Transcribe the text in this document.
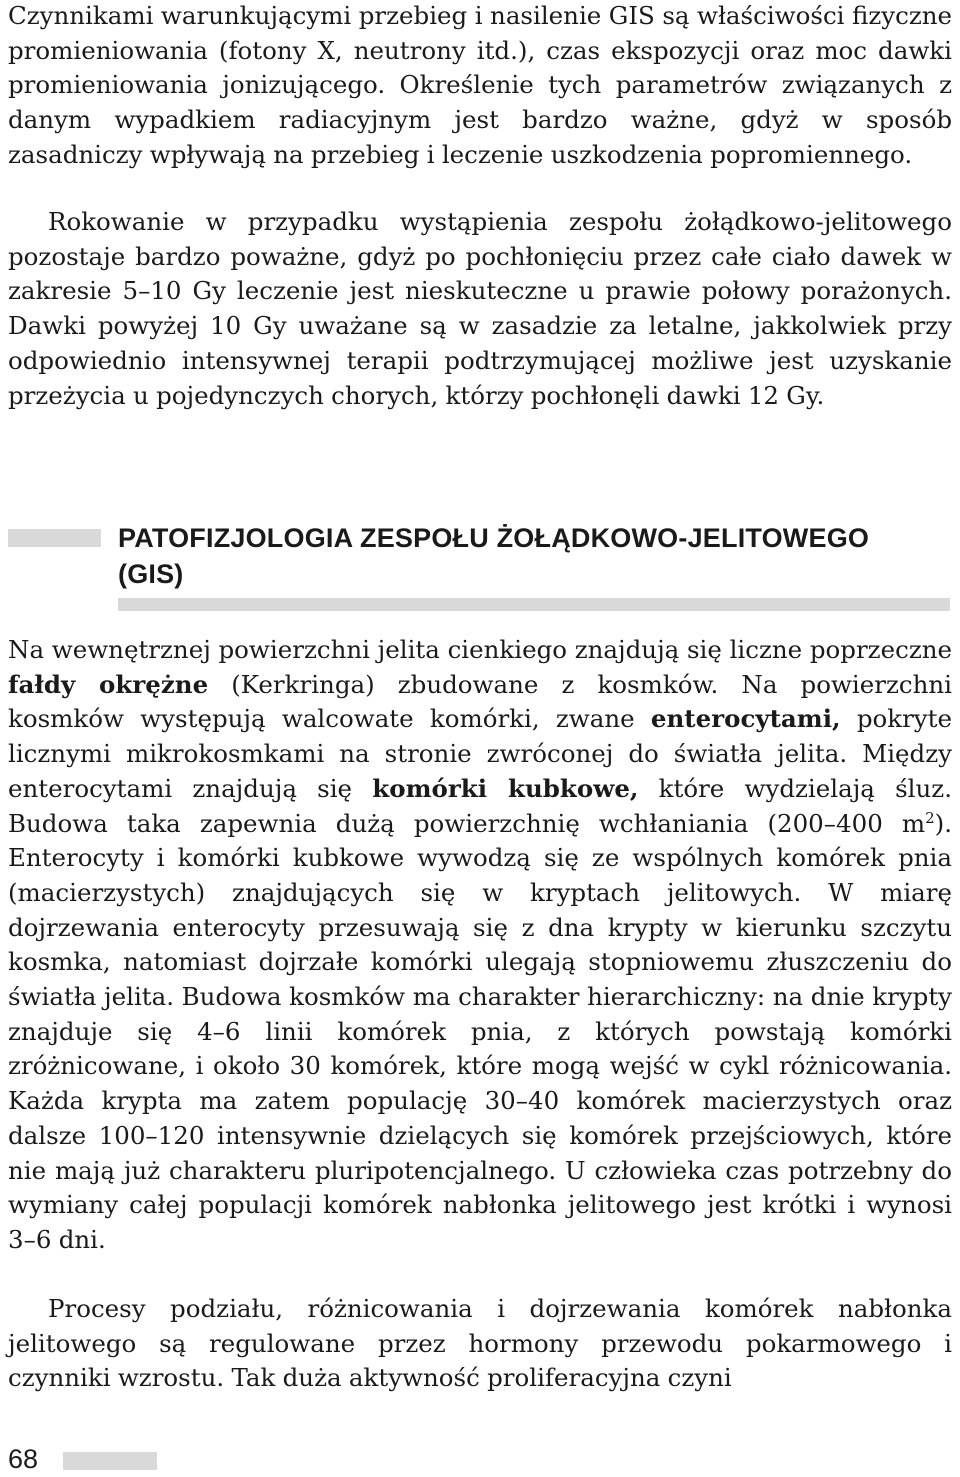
Czynnikami warunkującymi przebieg i nasilenie GIS są właściwości fizyczne promieniowania (fotony X, neutrony itd.), czas ekspozycji oraz moc dawki promieniowania jonizującego. Określenie tych parametrów związanych z danym wypadkiem radiacyjnym jest bardzo ważne, gdyż w sposób zasadniczy wpływają na przebieg i leczenie uszkodzenia popromiennego.

Rokowanie w przypadku wystąpienia zespołu żołądkowo-jelitowego pozostaje bardzo poważne, gdyż po pochłonięciu przez całe ciało dawek w zakresie 5–10 Gy leczenie jest nieskuteczne u prawie połowy porażonych. Dawki powyżej 10 Gy uważane są w zasadzie za letalne, jakkolwiek przy odpowiednio intensywnej terapii podtrzymującej możliwe jest uzyskanie przeżycia u pojedynczych chorych, którzy pochłonęli dawki 12 Gy.

PATOFIZJOLOGIA ZESPOŁU ŻOŁĄDKOWO-JELITOWEGO
(GIS)

Na wewnętrznej powierzchni jelita cienkiego znajdują się liczne poprzeczne fałdy okrężne (Kerkringa) zbudowane z kosmków. Na powierzchni kosmków występują walcowate komórki, zwane enterocytami, pokryte licznymi mikrokosmkami na stronie zwróconej do światła jelita. Między enterocytami znajdują się komórki kubkowe, które wydzielają śluz. Budowa taka zapewnia dużą powierzchnię wchłaniania (200–400 $m^2$). Enterocyty i komórki kubkowe wywodzą się ze wspólnych komórek pnia (macierzystych) znajdujących się w kryptach jelitowych. W miarę dojrzewania enterocyty przesuwają się z dna krypty w kierunku szczytu kosmka, natomiast dojrzałe komórki ulegają stopniowemu złuszczeniu do światła jelita. Budowa kosmków ma charakter hierarchiczny: na dnie krypty znajduje się 4–6 linii komórek pnia, z których powstają komórki zróżnicowane, i około 30 komórek, które mogą wejść w cykl różnicowania. Każda krypta ma zatem populację 30–40 komórek macierzystych oraz dalsze 100–120 intensywnie dzielących się komórek przejściowych, które nie mają już charakteru pluripotencjalnego. U człowieka czas potrzebny do wymiany całej populacji komórek nabłonka jelitowego jest krótki i wynosi 3–6 dni.

Procesy podziału, różnicowania i dojrzewania komórek nabłonka jelitowego są regulowane przez hormony przewodu pokarmowego i czynniki wzrostu. Tak duża aktywność proliferacyjna czyni

68
